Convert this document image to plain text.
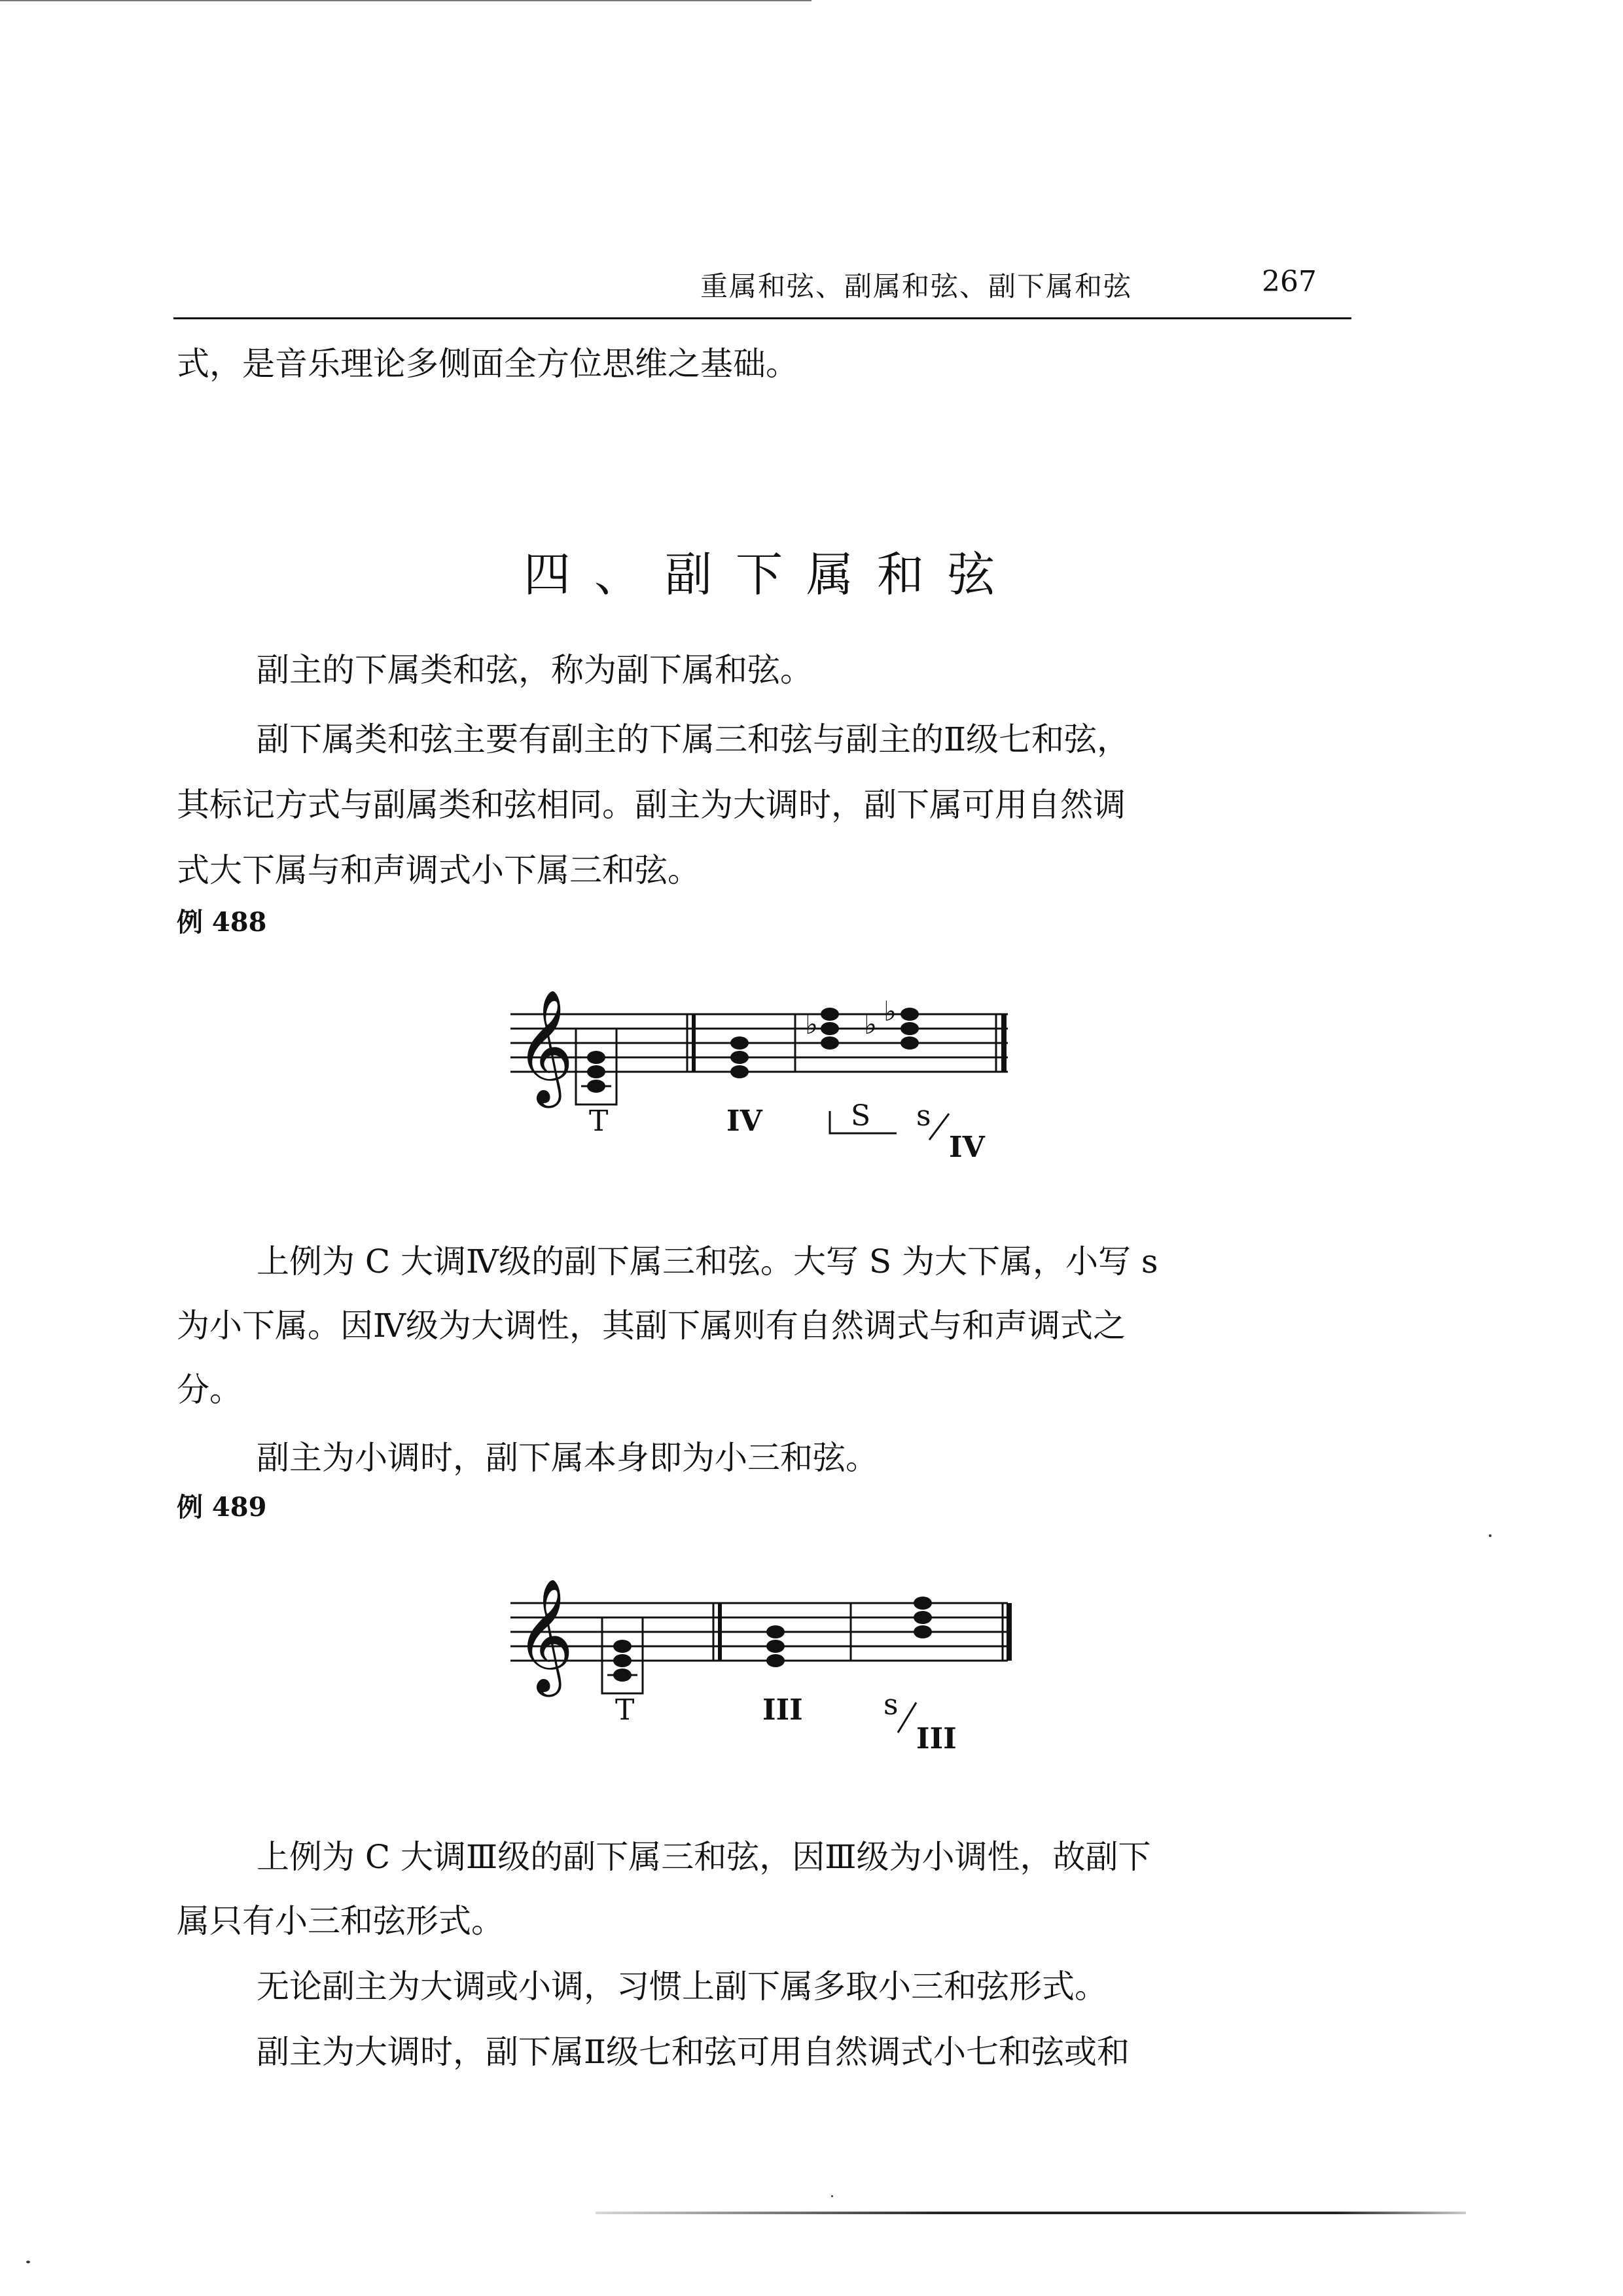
重属和弦、副属和弦、副下属和弦	267
式，是音乐理论多侧面全方位思维之基础。
四、副下属和弦
副主的下属类和弦，称为副下属和弦。
副下属类和弦主要有副主的下属三和弦与副主的Ⅱ级七和弦，
其标记方式与副属类和弦相同。副主为大调时，副下属可用自然调
式大下属与和声调式小下属三和弦。
例 488
𝄞	♭ ♭ ♭
T	IV	S s
IV
上例为 C 大调Ⅳ级的副下属三和弦。大写 S 为大下属，小写 s
为小下属。因Ⅳ级为大调性，其副下属则有自然调式与和声调式之
分。
副主为小调时，副下属本身即为小三和弦。
例 489
𝄞
T	III	s
III
上例为 C 大调Ⅲ级的副下属三和弦，因Ⅲ级为小调性，故副下
属只有小三和弦形式。
无论副主为大调或小调，习惯上副下属多取小三和弦形式。
副主为大调时，副下属Ⅱ级七和弦可用自然调式小七和弦或和
